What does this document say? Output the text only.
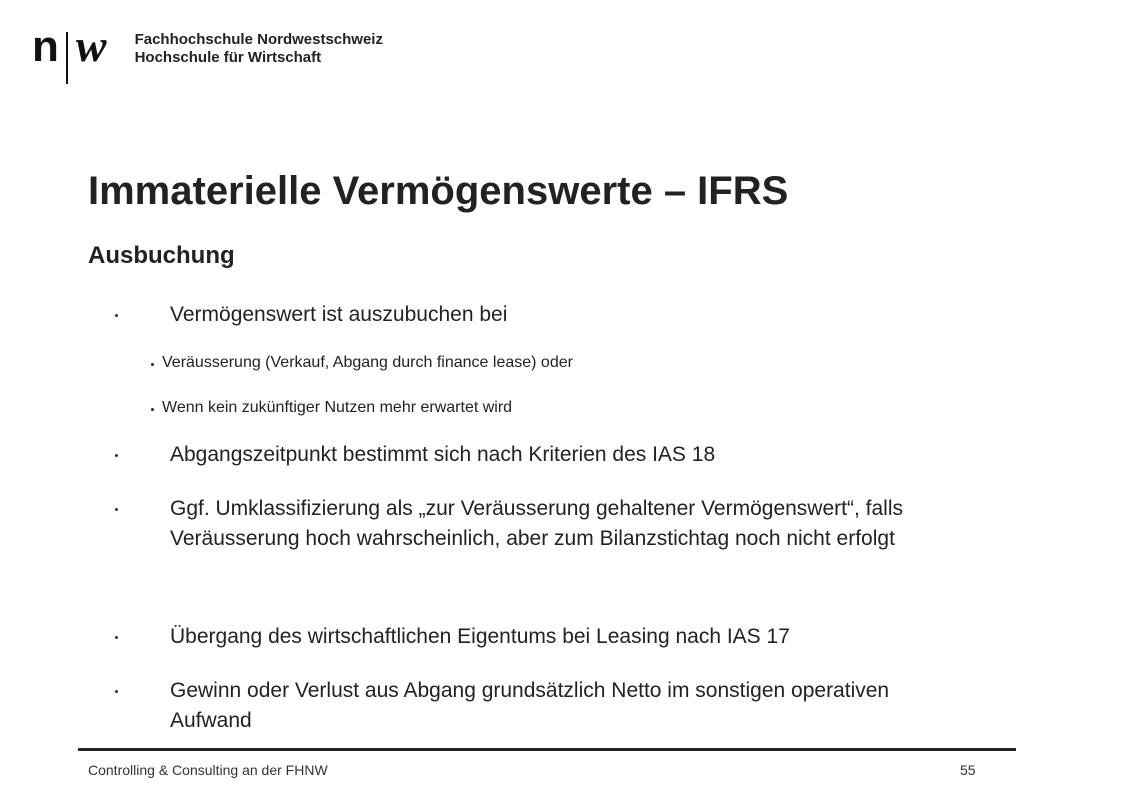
n w Fachhochschule Nordwestschweiz
Hochschule für Wirtschaft
Immaterielle Vermögenswerte – IFRS
Ausbuchung
Vermögenswert ist auszubuchen bei
Veräusserung (Verkauf, Abgang durch finance lease) oder
Wenn kein zukünftiger Nutzen mehr erwartet wird
Abgangszeitpunkt bestimmt sich nach Kriterien des IAS 18
Ggf. Umklassifizierung als „zur Veräusserung gehaltener Vermögenswert“, falls Veräusserung hoch wahrscheinlich, aber zum Bilanzstichtag noch nicht erfolgt
Übergang des wirtschaftlichen Eigentums bei Leasing nach IAS 17
Gewinn oder Verlust aus Abgang grundsätzlich Netto im sonstigen operativen Aufwand
Controlling & Consulting an der FHNW	55
